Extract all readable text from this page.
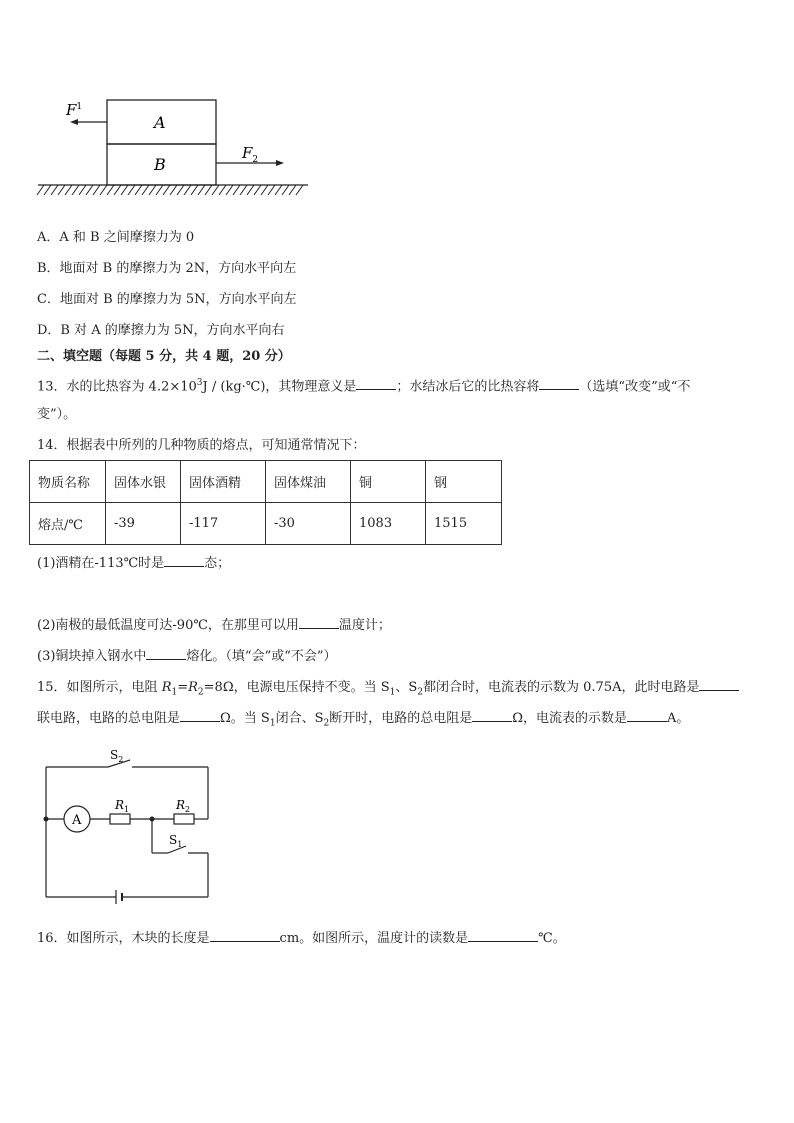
A
B
$F^1$
$F_2$
A．A 和 B 之间摩擦力为 0
B．地面对 B 的摩擦力为 2N，方向水平向左
C．地面对 B 的摩擦力为 5N，方向水平向左
D．B 对 A 的摩擦力为 5N，方向水平向右
二、填空题（每题 5 分，共 4 题，20 分）
13．水的比热容为 $4.2\times 10^3J$ / (kg·℃)，其物理意义是	；水结冰后它的比热容将	（选填“改变”或“不
变”）。
14．根据表中所列的几种物质的熔点，可知通常情况下：
物质名称	固体水银	固体酒精	固体煤油	铜	钢
熔点/℃	-39	-117	-30	1083	1515
(1)酒精在-113℃时是	态；
(2)南极的最低温度可达-90℃，在那里可以用	温度计；
(3)铜块掉入钢水中	熔化。（填“会”或“不会”）
15．如图所示，电阻 $R_1=R_2=8\Omega$，电源电压保持不变。当 $S_1$、$S_2$都闭合时，电流表的示数为 0.75A，此时电路是
联电路，电路的总电阻是	Ω。当 $S_1$闭合、$S_2$断开时，电路的总电阻是	Ω，电流表的示数是	A。
A
$S_2$
$R_1$	$R_2$
$S_1$
16．如图所示，木块的长度是	cm。如图所示，温度计的读数是	℃。
